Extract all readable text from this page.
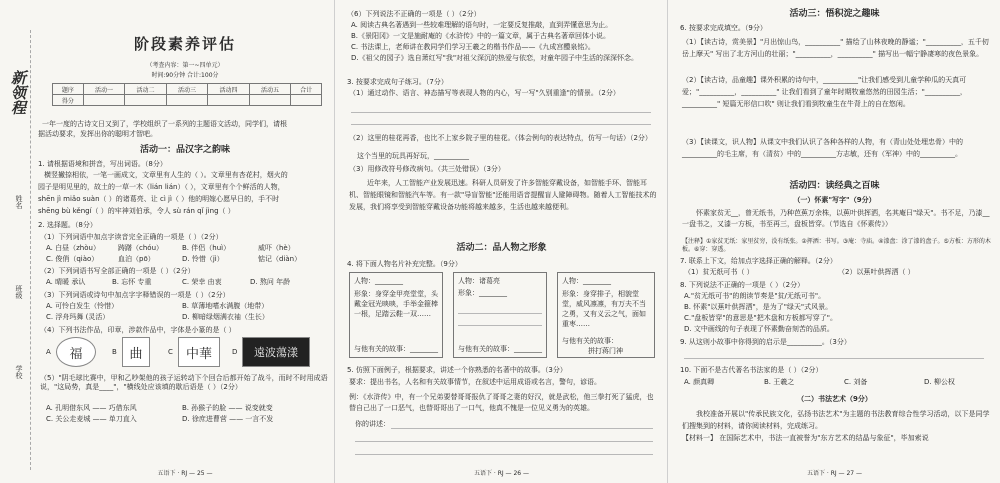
新领程
姓名
班级
学校
阶段素养评估
（考查内容：第一~四单元）
时间:90分钟 合计:100分
题序	活动一	活动二	活动三	活动四	活动五	合计
得分						
一年一度的古诗文日又到了，学校组织了一系列的主题语文活动，同学们，请根
据活动要求，发挥出你的聪明才智吧。
活动一：品汉字之韵味
1. 请根据语境和拼音，写出词语。（8分）
横竖撇捺相依，一笔一画成文，文章里有人生的（ ）。文章里有杏花村，烟火的
园子是明见里的，故土的一草一木（lián lián）（ ），文章里有个个鲜活的人物，
shēn jì miǎo suàn（ ）的诸葛亮、让 cì jì（ ）他的明嫁心愿早日的，手不时
shēng bù kěngí（ ）的牢神刘伯承，令人 sù rán qǐ jìng（ ）
2. 选择题。（8分）
（1）下列词语中加点字读音完全正确的一项是（ ）（2分）
A. 白昼（zhòu）	踌躇（chóu）	B. 伴侣（huì）	威吓（hè）
C. 俊俏（qiào）	血泊（pō）	D. 怜惜（jì）	惦记（diàn）
（2）下列词语书写全部正确的一项是（ ）（2分）
A. 晴暖 承认	B. 忘怀 专重	C. 荣幸 由衷	D. 熬问 年龄
（3）下列词语或诗句中加点字字释错误的一项是（ ）（2分）
A. 可怜白发生（怜惜）	B. 草薄地嗜水满腹（地带）
C. 浮舟玛舞 (灵活）	D. 柳暗绿烟满衣袖（生长）
（4）下列书法作品，印章，涉款作品中，字体是小篆的是（ ）
A 福	B 曲	C 中華	D 遠波蕩漾
（5）"阴毛球比赛中，甲和乙吵架他的孩子运转动下个回合后都开始了战斗，而时不时用成语说，"这局势，真是____"，"横线处应该填的歇后语是（ ）（2分）
A. 孔明借东风 —— 巧借东风	B. 孙猴子的脸 —— 说变就变
C. 关公走麦城 —— 单刀直入	D. 徐庶进曹营 —— 一言不发
五语下 · RJ — 25 —
（6）下列说法不正确的一项是（ ）（2分）
A. 阅读古典名著遇到一些较难理解的语句时，一定要反复推敲，直到弄懂意思为止。
B.《景阳冈》一文是施耐庵的《水浒传》中的一篇文章，属于古典名著章回体小说。
C. 书法课上，老师讲在教同学们学习王羲之的楷书作品——《九成宫醴泉铭》。
D.《祖父的园子》选自萧红写"我"对祖父深沉的热爱与依恋，对童年园子中生活的深深怀念。
3. 按要求完成句子练习。（7分）
（1）通过动作、语言、神态描写等表现人物的内心，写一写"久别重逢"的情景。（2分）
（2）这里的桂花再香，也比不上家乡院子里的桂花。（体会例句的表达特点，仿写一句话）（2分）
这个当里的玩具再好玩，__________
（3）用修改符号修改病句。（共三处错误）（3分）
近年来，人工智能产业发展迅速。科研人员研发了许多智能穿戴设备，如智能手环、智能耳机、智能眼镜和智能汽车等。有一款"导盲智能"还能用语音提醒盲人避障碍物。随着人工智能技术的发展，我们将享受到智能穿戴设备功能将越来越多，生活也越来越便利。
活动二：品人物之形象
4. 将下面人物名片补充完整。（9分）
人物：________
形象：身穿金甲亮堂堂，头戴金冠光映映，手举金箍棒一根，足踏云鞋一双……
与他有关的故事：________
人物：诸葛亮
形象：________
与他有关的故事：________
人物：________
形象：身穿排子，相貌堂堂，威风凛凛，有万夫不当之勇，又有义云之气，面如重枣……
与他有关的故事：
拼打蒋门神
5. 仿照下面例子，根据要求，讲述一个你熟悉的名著中的故事。（3分）
要求：提出书名，人名和有关故事情节，在叙述中运用成语或名言，警句，谚语。
例：《水浒传》中，有一个兄弟要替哥哥报仇了哥哥之妻的好汉，就是武松，他三拳打死了猛虎，也替自己出了一口恶气，也替哥哥出了一口气，他真不愧是一位见义勇为的英雄。
你的讲述：
五语下 · RJ — 26 —
活动三：悟积淀之趣味
6. 按要求完成填空。（9分）
（1）【读古诗，赏美景】"月出惊山鸟，__________" 描绘了山林夜晚的静谧；"__________，五千仞岳上摩天" 写出了北方河山的壮丽；"__________，__________" 描写出一幅宁静凄寒的夜色景象。
（2）【读古诗，品童趣】课外积累的诗句中，__________"让我们感受到儿童学种瓜的天真可爱；"__________，__________" 让我们看到了童年时期牧童悠然的田园生活；"__________，__________" 短篇无形信口吹" 则让我们看到牧童生在牛背上的自在悠闲。
（3）【读课文，识人物】从课文中我们认识了各种各样的人物，有（青山处处埋忠骨）中的__________的毛主席，有（清贫）中的__________方志敏，还有（军神）中的__________。
活动四：读经典之百味
（一）怀素"写字"（9分）
怀素家贫无__，曾无纸书，乃种芭蕉万余株，以蕉叶供挥洒，名其庵曰"绿天"。书不足，乃漆__一盘书之，又漆一方板，书至再三，盘板皆穿。（节选自《怀素传》）
【注释】①家贫无纸：家里贫穷，没有纸张。②挥洒：书写。③庵：寺庙。④漆盘：涂了漆的盘子。⑤方板：方形的木板。⑥穿：穿透。
7. 联系上下文，给加点字选择正确的解释。（2分）
（1）贫无纸可书（ ）	（2）以蕉叶供挥洒（ ）
8. 下列说法不正确的一项是（ ）（2分）
A."贫无纸可书"的朗读节奏是"贫/无纸可书"。
B. 怀素"以蕉叶供挥洒"，是为了"绿天"式风景。
C."盘板皆穿"的意思是"把木盘和方板都写穿了"。
D. 文中画线的句子表现了怀素勤奋刻苦的品质。
9. 从这则小故事中你得到的启示是__________。（3分）
10. 下面不是古代著名书法家的是（ ）（2分）
A. 颜真卿	B. 王羲之	C. 刘备	D. 柳公权
（二）书法艺术（9分）
我校准备开展以"传承民族文化，弘扬书法艺术"为主题的书法教育综合性学习活动，以下是同学们搜集到的材料，请你阅读材料，完成练习。
【材料一】 在国际艺术中，书法一直被誉为"东方艺术的结晶与象征"，毕加索说
五语下 · RJ — 27 —
